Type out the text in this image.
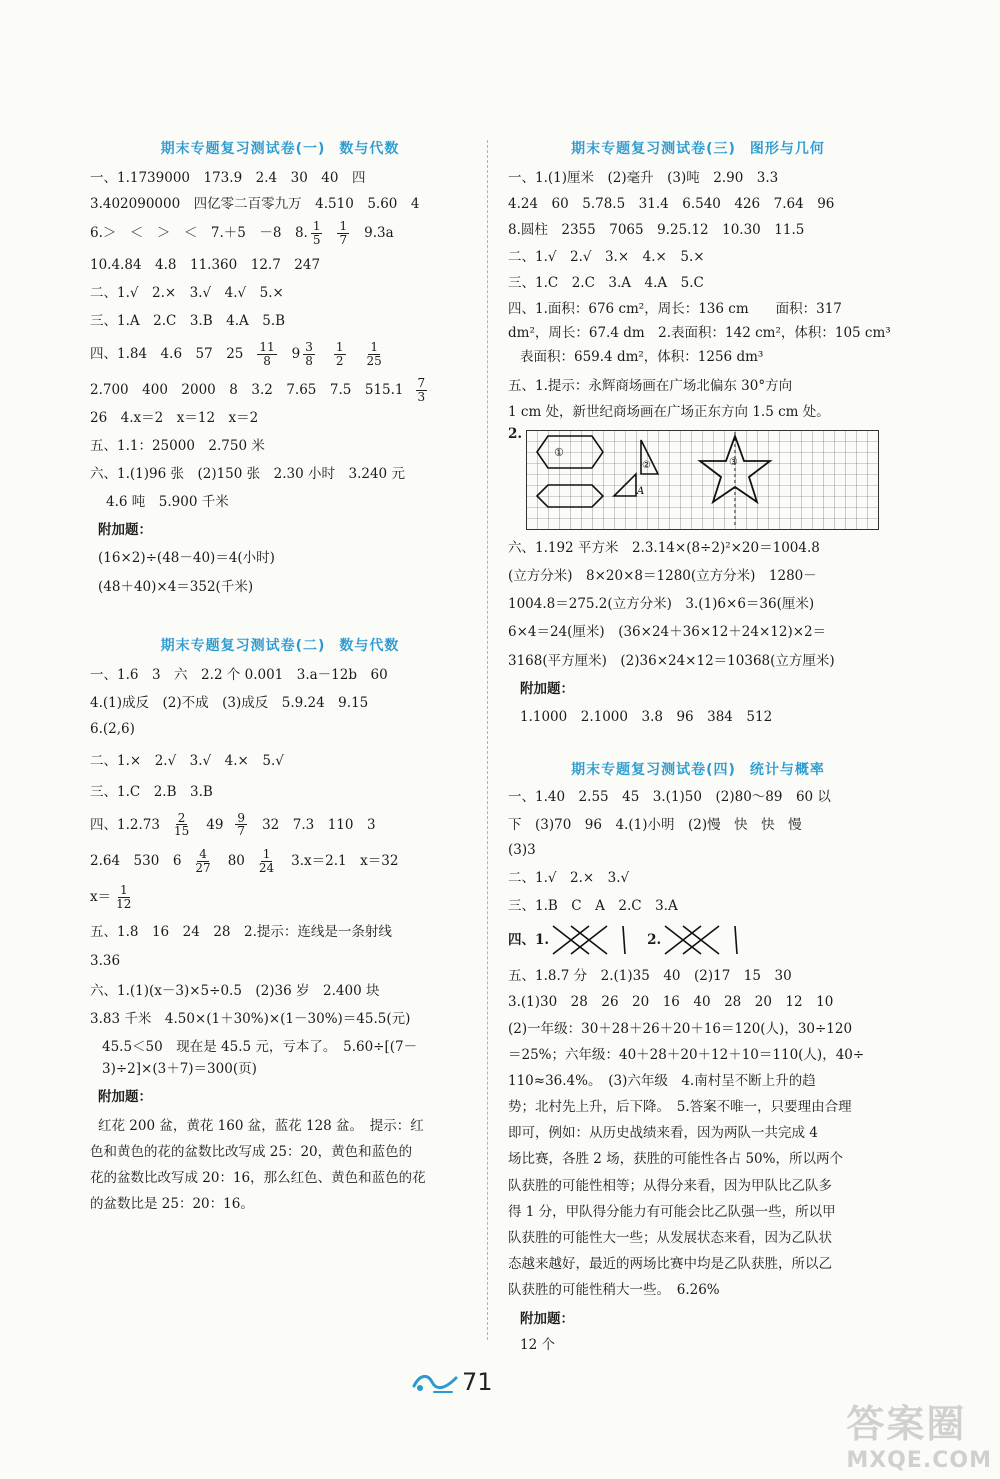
期末专题复习测试卷(一) 数与代数
一、1.1739000　173.9　2.4　30　40　四
3.402090000　四亿零二百零九万　4.510　5.60　4
6.＞　＜　＞　＜　7.＋5　－8　8. $\frac{1}{5} \frac{1}{7} 9.3a$
10.4.84　4.8　11.360　12.7　247
二、1.√　2.×　3.√　4.√　5.×
三、1.A　2.C　3.B　4.A　5.B
四、1.84　4.6　57　$25 \frac{11}{8} 9 \frac{3}{8} \frac{1}{2} \frac{1}{25}$
2.700　400　2000　8　3.2　7.65　7.5　$515.1 \frac{7}{3}$
26　4.x＝2　x＝12　x＝2
五、1.1：25000　2.750 米
六、1.(1)96 张　(2)150 张　2.30 小时　3.240 元
4.6 吨　5.900 千米
附加题：
(16×2)÷(48－40)＝4(小时)
(48＋40)×4＝352(千米)
期末专题复习测试卷(二) 数与代数
一、1.6　3　六　2.2 个 0.001　3.a－12b　60
4.(1)成反　(2)不成　(3)成反　5.9.24　9.15
6.(2,6)
二、1.×　2.√　3.√　4.×　5.√
三、1.C　2.B　3.B
四、$1.2.73 \frac{2}{15} 49 \frac{9}{7} 32$　7.3　110　3
2.64　530　$6 \frac{4}{27} 80 \frac{1}{24} 3.x=2.1$　x＝32
$x= \frac{1}{12}$
五、1.8　16　24　28　2.提示：连线是一条射线
3.36
六、1.(1)(x－3)×5÷0.5　(2)36 岁　2.400 块
3.83 千米　4.50×(1＋30%)×(1－30%)＝45.5(元)
45.5＜50　现在是 45.5 元，亏本了。　5.60÷[(7－
3)÷2]×(3＋7)＝300(页)
附加题：
红花 200 盆，黄花 160 盆，蓝花 128 盆。　提示：红
色和黄色的花的盆数比改写成 25：20，黄色和蓝色的
花的盆数比改写成 20：16，那么红色、黄色和蓝色的花
的盆数比是 25：20：16。
期末专题复习测试卷(三) 图形与几何
一、1.(1)厘米　(2)毫升　(3)吨　2.90　3.3
4.24　60　5.78.5　31.4　6.540　426　7.64　96
8.圆柱　2355　7065　9.25.12　10.30　11.5
二、1.√　2.√　3.×　4.×　5.×
三、1.C　2.C　3.A　4.A　5.C
四、1.面积：676 cm²，周长：136 cm　　面积：317
dm²，周长：67.4 dm　2.表面积：142 cm²，体积：105 cm³
表面积：659.4 dm²，体积：1256 dm³
五、1.提示：永辉商场画在广场北偏东 30°方向
1 cm 处，新世纪商场画在广场正东方向 1.5 cm 处。
2.
①
②
A
③
六、1.192 平方米　2.3.14×(8÷2)²×20＝1004.8
(立方分米)　8×20×8＝1280(立方分米)　1280－
1004.8＝275.2(立方分米)　3.(1)6×6＝36(厘米)
6×4＝24(厘米)　(36×24＋36×12＋24×12)×2＝
3168(平方厘米)　(2)36×24×12＝10368(立方厘米)
附加题：
1.1000　2.1000　3.8　96　384　512
期末专题复习测试卷(四) 统计与概率
一、1.40　2.55　45　3.(1)50　(2)80～89　60 以
下　(3)70　96　4.(1)小明　(2)慢　快　快　慢
(3)3
二、1.√　2.×　3.√
三、1.B　C　A　2.C　3.A
四、1.	2.
五、1.8.7 分　2.(1)35　40　(2)17　15　30
3.(1)30　28　26　20　16　40　28　20　12　10
(2)一年级：30＋28＋26＋20＋16＝120(人)，30÷120
＝25%；六年级：40＋28＋20＋12＋10＝110(人)，40÷
110≈36.4%。　(3)六年级　4.南村呈不断上升的趋
势；北村先上升，后下降。　5.答案不唯一，只要理由合理
即可，例如：从历史战绩来看，因为两队一共完成 4
场比赛，各胜 2 场，获胜的可能性各占 50%，所以两个
队获胜的可能性相等；从得分来看，因为甲队比乙队多
得 1 分，甲队得分能力有可能会比乙队强一些，所以甲
队获胜的可能性大一些；从发展状态来看，因为乙队状
态越来越好，最近的两场比赛中均是乙队获胜，所以乙
队获胜的可能性稍大一些。　6.26%
附加题：
12 个
71
答案圈
MXQE.COM
